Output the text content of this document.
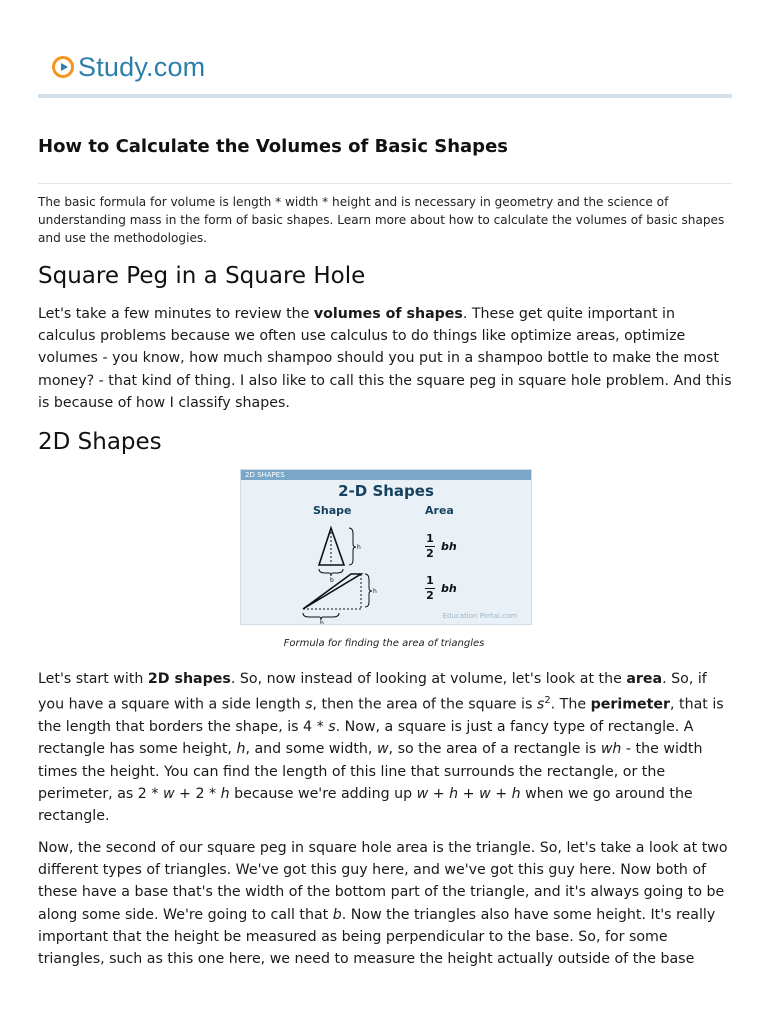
Study.com
How to Calculate the Volumes of Basic Shapes

The basic formula for volume is length * width * height and is necessary in geometry and the science of understanding mass in the form of basic shapes. Learn more about how to calculate the volumes of basic shapes and use the methodologies.

Square Peg in a Square Hole

Let's take a few minutes to review the volumes of shapes. These get quite important in calculus problems because we often use calculus to do things like optimize areas, optimize volumes - you know, how much shampoo should you put in a shampoo bottle to make the most money? - that kind of thing. I also like to call this the square peg in square hole problem. And this is because of how I classify shapes.

2D Shapes
2D SHAPES
2-D Shapes
Shape	Area
h
b
h
b
1
2
bh
1
2
bh
Education Portal.com

Formula for finding the area of triangles

Let's start with 2D shapes. So, now instead of looking at volume, let's look at the area. So, if you have a square with a side length s, then the area of the square is $s^2$. The perimeter, that is the length that borders the shape, is 4 * s. Now, a square is just a fancy type of rectangle. A rectangle has some height, h, and some width, w, so the area of a rectangle is wh - the width times the height. You can find the length of this line that surrounds the rectangle, or the perimeter, as 2 * w + 2 * h because we're adding up w + h + w + h when we go around the rectangle.

Now, the second of our square peg in square hole area is the triangle. So, let's take a look at two different types of triangles. We've got this guy here, and we've got this guy here. Now both of these have a base that's the width of the bottom part of the triangle, and it's always going to be along some side. We're going to call that b. Now the triangles also have some height. It's really important that the height be measured as being perpendicular to the base. So, for some triangles, such as this one here, we need to measure the height actually outside of the base
